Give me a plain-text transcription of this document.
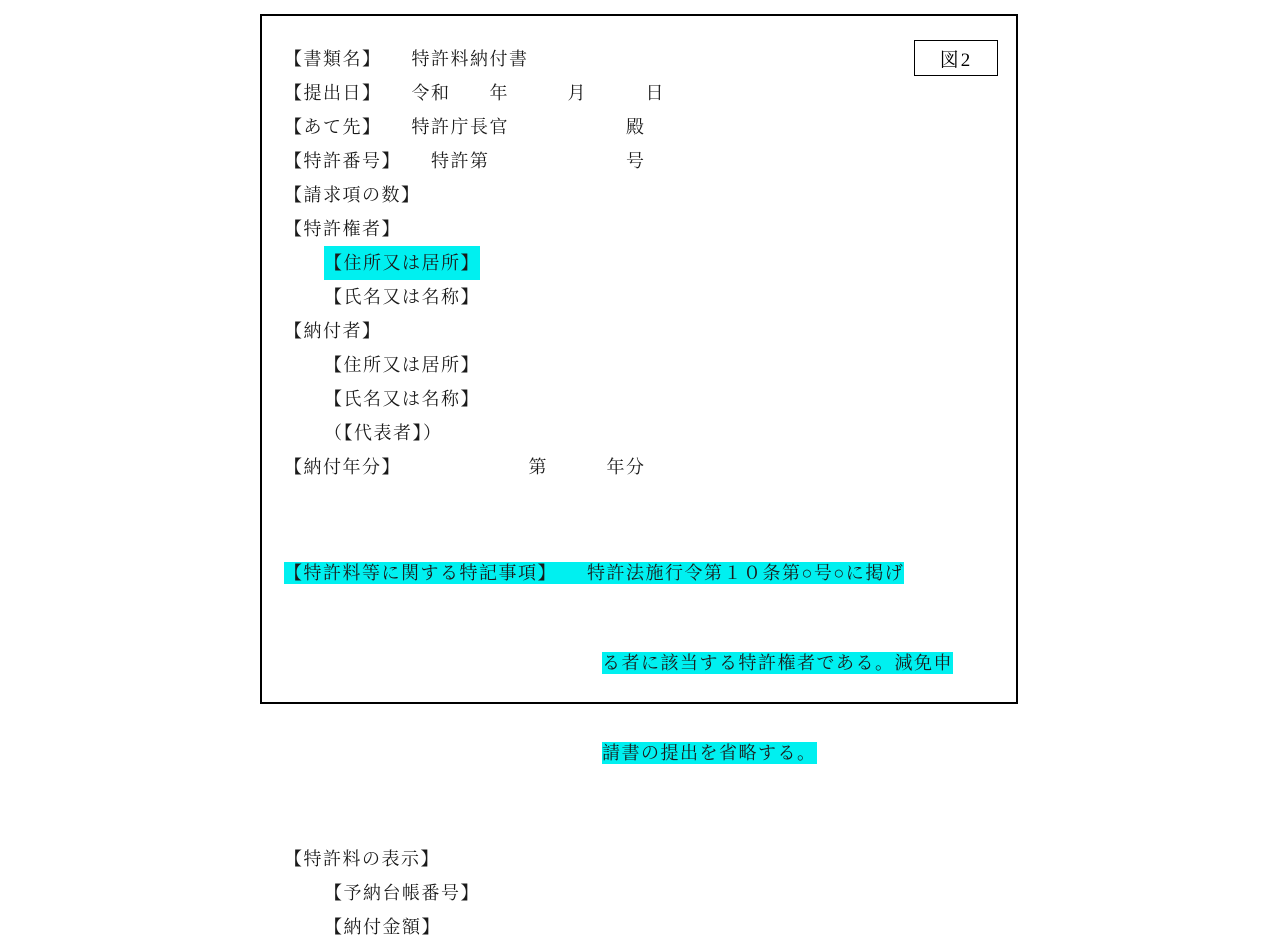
図2
【書類名】　　特許料納付書
【提出日】　　令和　　年　　　月　　　日
【あて先】　　特許庁長官　　　　　　殿
【特許番号】　　特許第　　　　　　　号
【請求項の数】
【特許権者】
【住所又は居所】
【氏名又は名称】
【納付者】
【住所又は居所】
【氏名又は名称】
（【代表者】）
【納付年分】　　　　　　　第　　　年分

【特許料等に関する特記事項】　　特許法施行令第１０条第○号○に掲げ

る者に該当する特許権者である。減免申

請書の提出を省略する。

【特許料の表示】
【予納台帳番号】
【納付金額】
